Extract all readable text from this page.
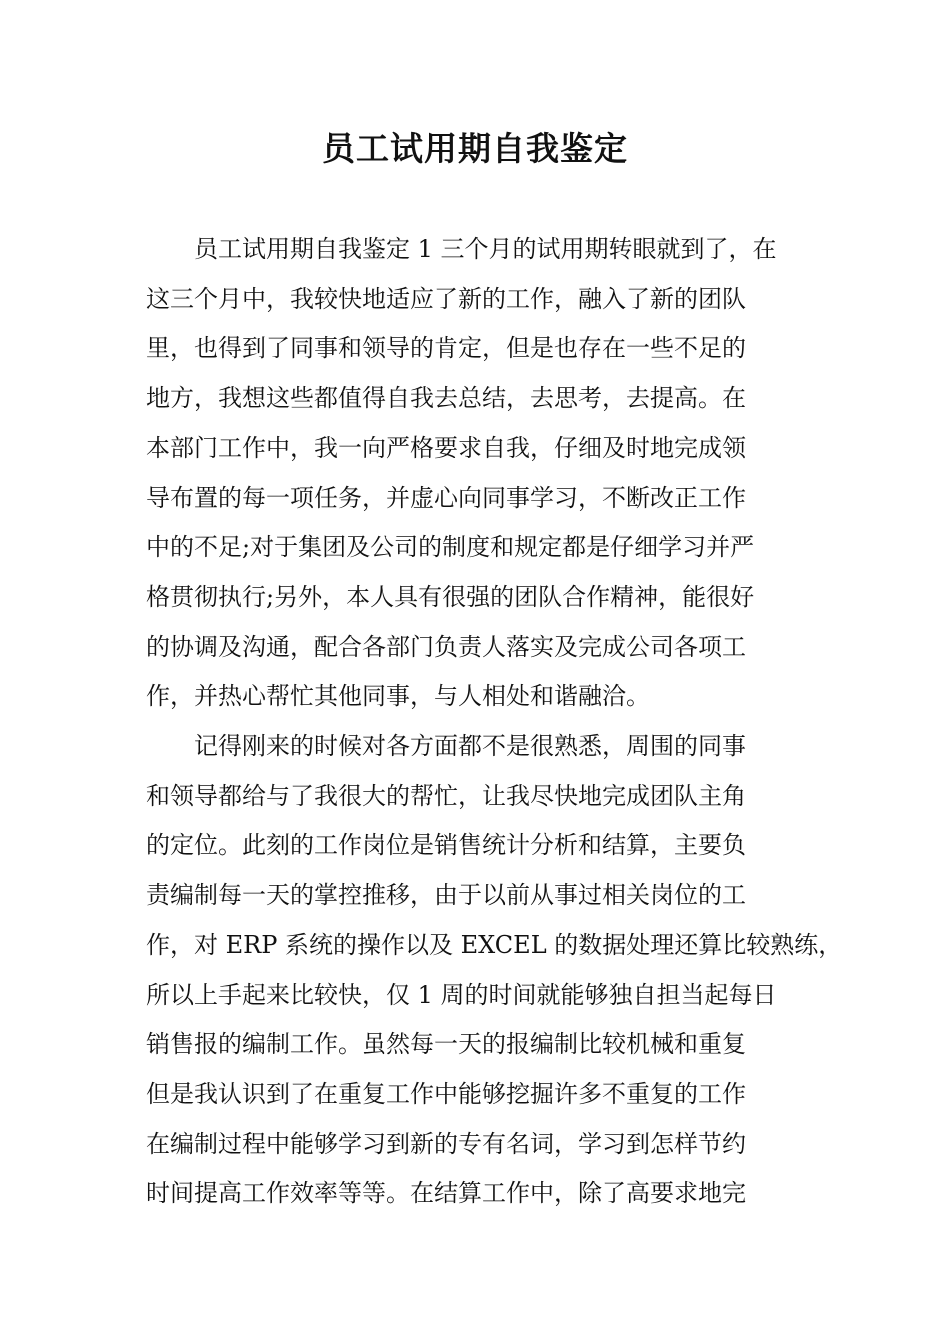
员工试用期自我鉴定

员工试用期自我鉴定 1 三个月的试用期转眼就到了，在
这三个月中，我较快地适应了新的工作，融入了新的团队
里，也得到了同事和领导的肯定，但是也存在一些不足的
地方，我想这些都值得自我去总结，去思考，去提高。在
本部门工作中，我一向严格要求自我，仔细及时地完成领
导布置的每一项任务，并虚心向同事学习，不断改正工作
中的不足;对于集团及公司的制度和规定都是仔细学习并严
格贯彻执行;另外，本人具有很强的团队合作精神，能很好
的协调及沟通，配合各部门负责人落实及完成公司各项工
作，并热心帮忙其他同事，与人相处和谐融洽。

记得刚来的时候对各方面都不是很熟悉，周围的同事
和领导都给与了我很大的帮忙，让我尽快地完成团队主角
的定位。此刻的工作岗位是销售统计分析和结算，主要负
责编制每一天的掌控推移，由于以前从事过相关岗位的工
作，对 ERP 系统的操作以及 EXCEL 的数据处理还算比较熟练，
所以上手起来比较快，仅 1 周的时间就能够独自担当起每日
销售报的编制工作。虽然每一天的报编制比较机械和重复
但是我认识到了在重复工作中能够挖掘许多不重复的工作
在编制过程中能够学习到新的专有名词，学习到怎样节约
时间提高工作效率等等。在结算工作中，除了高要求地完
